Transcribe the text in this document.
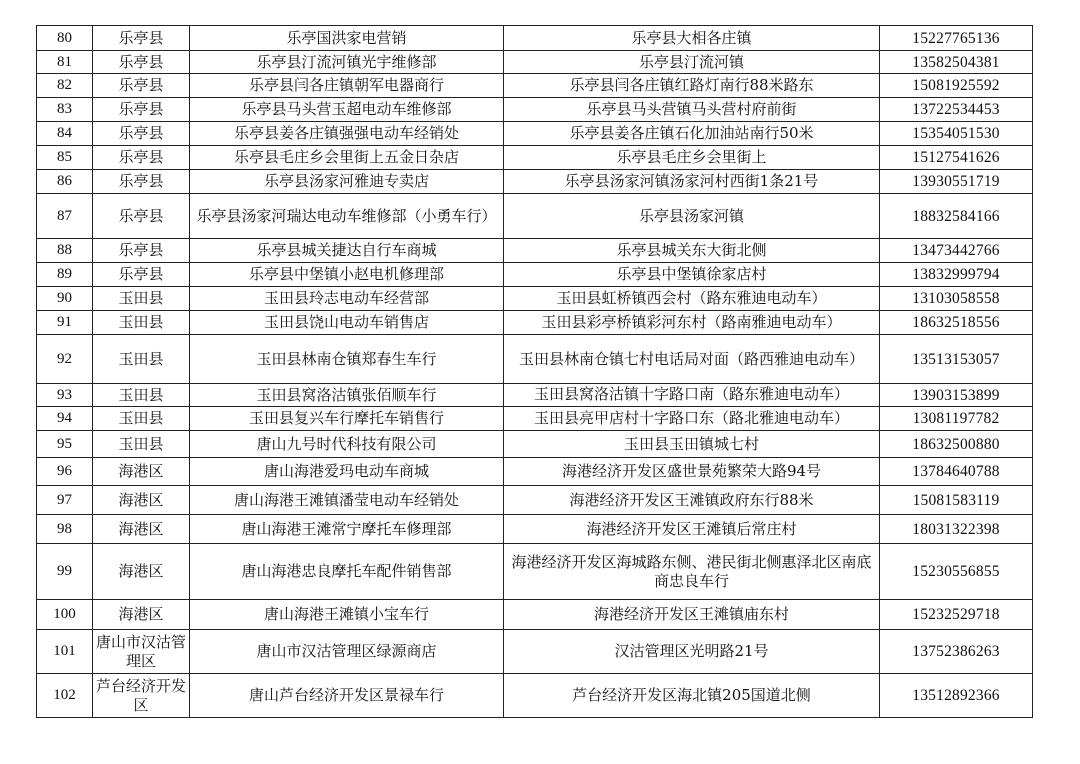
80	乐亭县	乐亭国洪家电营销	乐亭县大相各庄镇	15227765136
81	乐亭县	乐亭县汀流河镇光宇维修部	乐亭县汀流河镇	13582504381
82	乐亭县	乐亭县闫各庄镇朝军电器商行	乐亭县闫各庄镇红路灯南行88米路东	15081925592
83	乐亭县	乐亭县马头营玉超电动车维修部	乐亭县马头营镇马头营村府前街	13722534453
84	乐亭县	乐亭县姜各庄镇强强电动车经销处	乐亭县姜各庄镇石化加油站南行50米	15354051530
85	乐亭县	乐亭县毛庄乡会里街上五金日杂店	乐亭县毛庄乡会里街上	15127541626
86	乐亭县	乐亭县汤家河雅迪专卖店	乐亭县汤家河镇汤家河村西街1条21号	13930551719
87	乐亭县	乐亭县汤家河瑞达电动车维修部（小勇车行）	乐亭县汤家河镇	18832584166
88	乐亭县	乐亭县城关捷达自行车商城	乐亭县城关东大街北侧	13473442766
89	乐亭县	乐亭县中堡镇小赵电机修理部	乐亭县中堡镇徐家店村	13832999794
90	玉田县	玉田县玲志电动车经营部	玉田县虹桥镇西会村（路东雅迪电动车）	13103058558
91	玉田县	玉田县饶山电动车销售店	玉田县彩亭桥镇彩河东村（路南雅迪电动车）	18632518556
92	玉田县	玉田县林南仓镇郑春生车行	玉田县林南仓镇七村电话局对面（路西雅迪电动车）	13513153057
93	玉田县	玉田县窝洛沽镇张佰顺车行	玉田县窝洛沽镇十字路口南（路东雅迪电动车）	13903153899
94	玉田县	玉田县复兴车行摩托车销售行	玉田县亮甲店村十字路口东（路北雅迪电动车）	13081197782
95	玉田县	唐山九号时代科技有限公司	玉田县玉田镇城七村	18632500880
96	海港区	唐山海港爱玛电动车商城	海港经济开发区盛世景苑繁荣大路94号	13784640788
97	海港区	唐山海港王滩镇潘莹电动车经销处	海港经济开发区王滩镇政府东行88米	15081583119
98	海港区	唐山海港王滩常宁摩托车修理部	海港经济开发区王滩镇后常庄村	18031322398
99	海港区	唐山海港忠良摩托车配件销售部	海港经济开发区海城路东侧、港民街北侧惠泽北区南底商忠良车行	15230556855
100	海港区	唐山海港王滩镇小宝车行	海港经济开发区王滩镇庙东村	15232529718
101	唐山市汉沽管理区	唐山市汉沽管理区绿源商店	汉沽管理区光明路21号	13752386263
102	芦台经济开发区	唐山芦台经济开发区景禄车行	芦台经济开发区海北镇205国道北侧	13512892366
